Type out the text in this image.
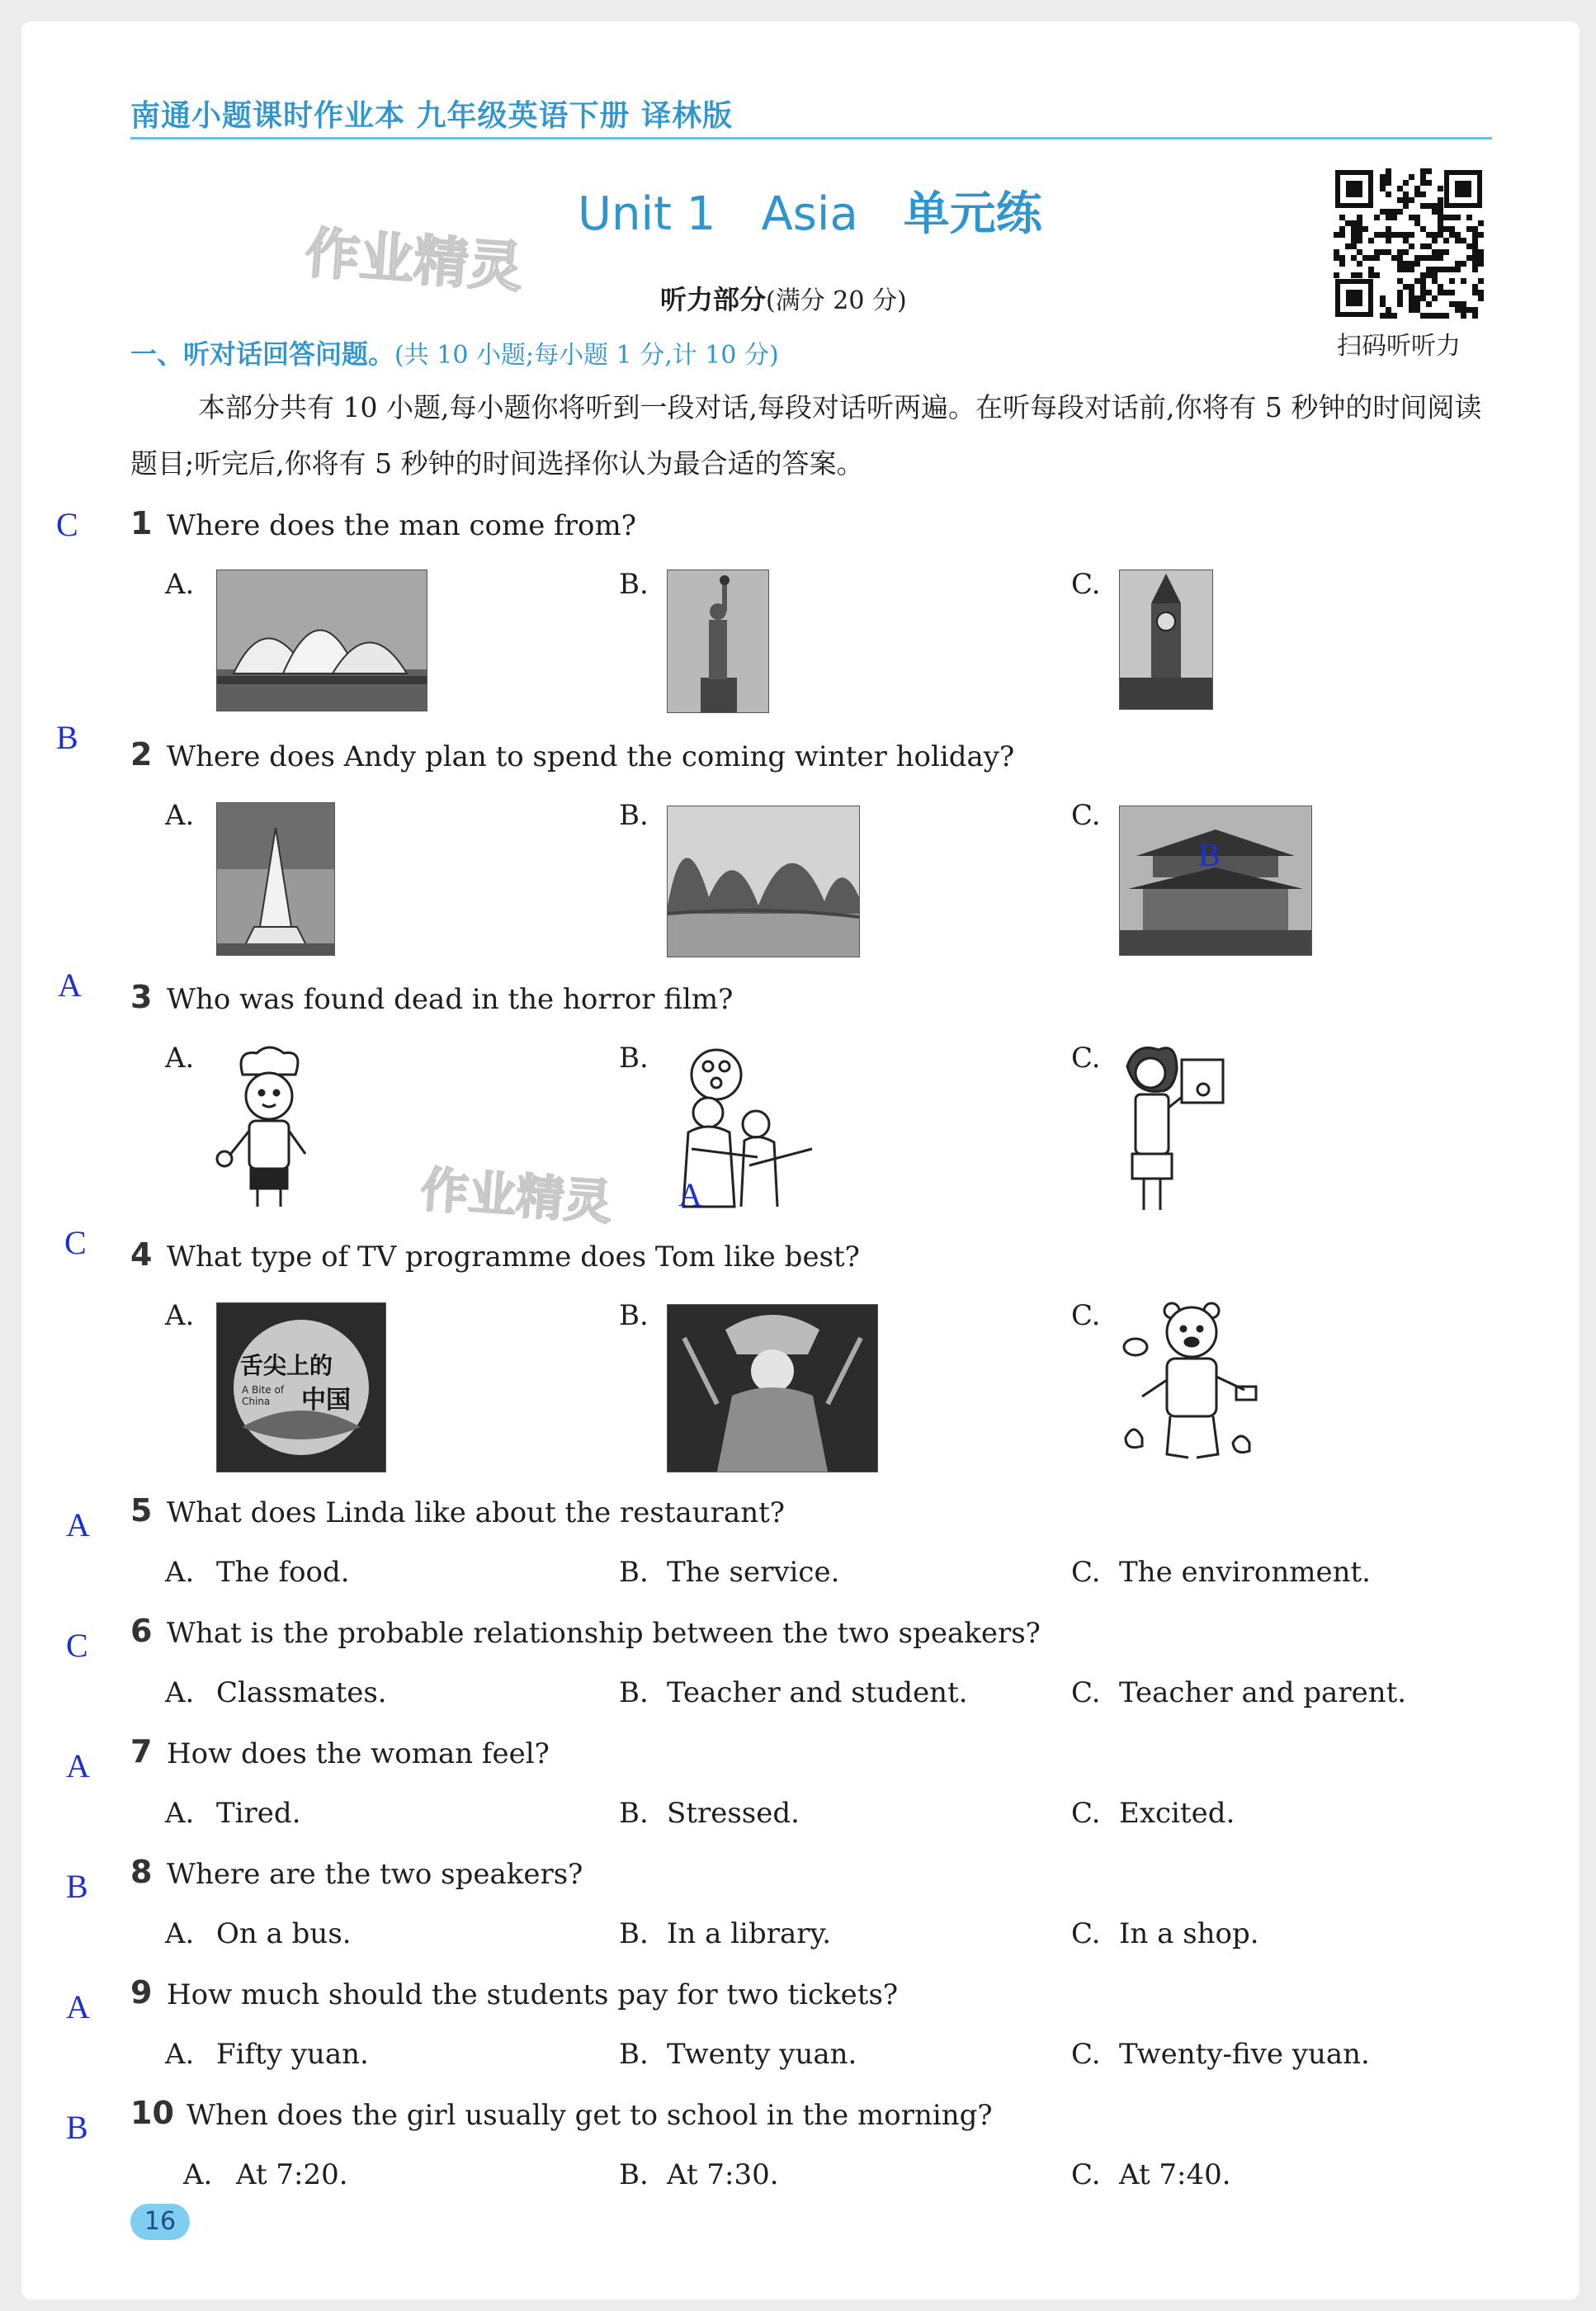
南通小题课时作业本 九年级英语下册 译林版
Unit 1 Asia 单元练
作业精灵
扫码听听力
听力部分(满分 20 分)
一、听对话回答问题。(共 10 小题;每小题 1 分,计 10 分)
本部分共有 10 小题,每小题你将听到一段对话,每段对话听两遍。在听每段对话前,你将有 5 秒钟的时间阅读题目;听完后,你将有 5 秒钟的时间选择你认为最合适的答案。
C 1 Where does the man come from?
A.	B.	C.
B 2 Where does Andy plan to spend the coming winter holiday?
A.	B.	C.
B
A 3 Who was found dead in the horror film?
A.	B.
A
C.
作业精灵
C 4 What type of TV programme does Tom like best?
A.
舌尖上的
中国
A Bite of China
B.	C.
A 5 What does Linda like about the restaurant?
A. The food.	B. The service.	C. The environment.
C 6 What is the probable relationship between the two speakers?
A. Classmates.	B. Teacher and student.	C. Teacher and parent.
A 7 How does the woman feel?
A. Tired.	B. Stressed.	C. Excited.
B 8 Where are the two speakers?
A. On a bus.	B. In a library.	C. In a shop.
A 9 How much should the students pay for two tickets?
A. Fifty yuan.	B. Twenty yuan.	C. Twenty-five yuan.
B 10 When does the girl usually get to school in the morning?
A. At 7:20.	B. At 7:30.	C. At 7:40.
16
